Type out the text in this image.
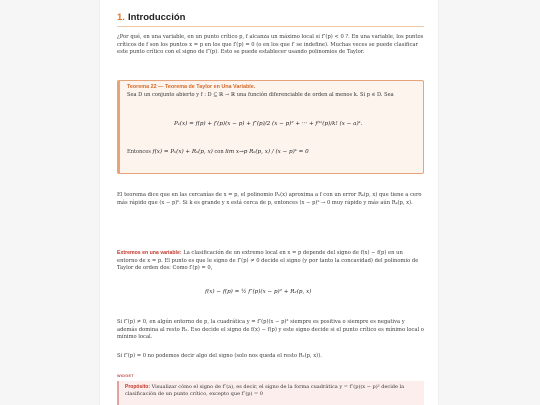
1. Introducción

¿Por qué, en una variable, en un punto crítico p, f alcanza un máximo local si f″(p) < 0 ?. En una variable, los puntos críticos de f son los puntos x = p en los que f′(p) = 0 (o en los que f′ se indefine). Muchas veces se puede clasificar este punto crítico con el signo de f″(p). Esto se puede establecer usando polinomios de Taylor.

Teorema 22 — Teorema de Taylor en Una Variable.
Sea D un conjunto abierto y f : D ⊆ ℝ → ℝ una función diferenciable de orden al menos k. Si p ∈ D. Sea
Pₖ(x) = f(p) + f′(p)(x − p) + f″(p)/2 (x − p)² + ··· + f⁽ᵏ⁾(p)/k! (x − a)ᵏ.
Entonces f(x) = Pₖ(x) + Rₖ(p, x) con lim x→p Rₖ(p, x) / (x − p)ᵏ = 0

El teorema dice que en las cercanías de x = p, el polinomio Pₖ(x) aproxima a f con un error Rₖ(p, x) que tiene a cero más rápido que (x − p)ᵏ. Si k es grande y x está cerca de p, entonces (x − p)ᵏ → 0 muy rápido y más aún Rₖ(p, x).

Extremos en una variable: La clasificación de un extremo local en x = p depende del signo de f(x) − f(p) en un entorno de x = p. El punto es que le signo de f″(p) ≠ 0 decide el signo (y por tanto la concavidad) del polinomio de Taylor de orden dos: Como f′(p) = 0,

f(x) − f(p) = ½ f″(p)(x − p)² + R₂(p, x)

Si f″(p) ≠ 0, en algún entorno de p, la cuadrática y = f″(p)(x − p)² siempre es positiva o siempre es negativa y además domina al resto R₂. Eso decide el signo de f(x) − f(p) y este signo decide si el punto crítico es mínimo local o mínimo local.

Si f″(p) = 0 no podemos decir algo del signo (solo nos queda el resto R₂(p, x)).

WIDGET
Propósito: Visualizar cómo el signo de f″(a), es decir, el signo de la forma cuadrática y = f″(p)(x − p)² decide la clasificación de un punto crítico, excepto que f″(p) = 0
